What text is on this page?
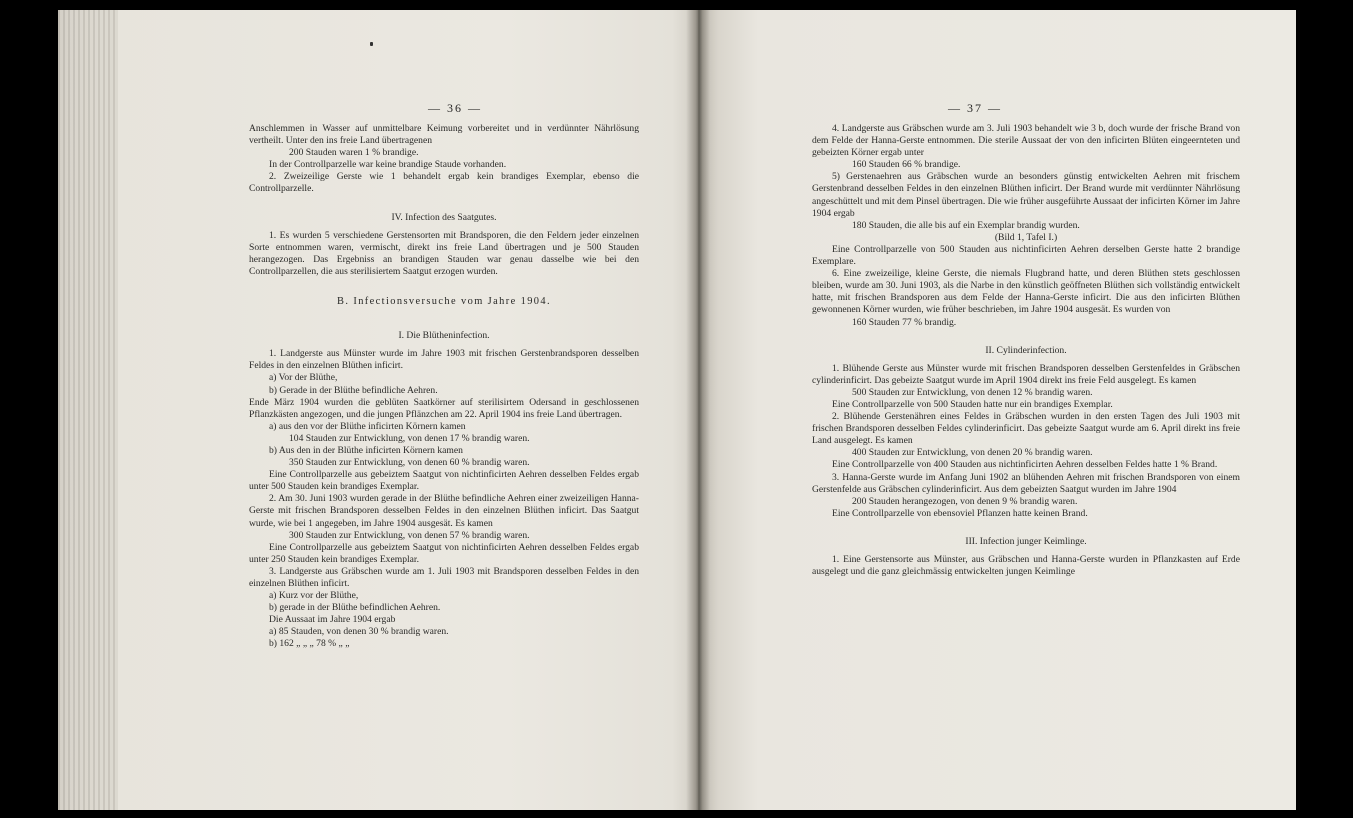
— 36 —

Anschlemmen in Wasser auf unmittelbare Keimung vorbereitet und in verdünnter Nährlösung vertheilt. Unter den ins freie Land übertragenen

200 Stauden waren 1 % brandige.

In der Controllparzelle war keine brandige Staude vorhanden.

2. Zweizeilige Gerste wie 1 behandelt ergab kein brandiges Exemplar, ebenso die Controllparzelle.

IV. Infection des Saatgutes.

1. Es wurden 5 verschiedene Gerstensorten mit Brandsporen, die den Feldern jeder einzelnen Sorte entnommen waren, vermischt, direkt ins freie Land übertragen und je 500 Stauden herangezogen. Das Ergebniss an brandigen Stauden war genau dasselbe wie bei den Controllparzellen, die aus sterilisiertem Saatgut erzogen wurden.

B. Infectionsversuche vom Jahre 1904.

I. Die Blütheninfection.

1. Landgerste aus Münster wurde im Jahre 1903 mit frischen Gerstenbrandsporen desselben Feldes in den einzelnen Blüthen inficirt.

a) Vor der Blüthe,

b) Gerade in der Blüthe befindliche Aehren.

Ende März 1904 wurden die geblüten Saatkörner auf sterilisirtem Odersand in geschlossenen Pflanzkästen angezogen, und die jungen Pflänzchen am 22. April 1904 ins freie Land übertragen.

a) aus den vor der Blüthe inficirten Körnern kamen

104 Stauden zur Entwicklung, von denen 17 % brandig waren.

b) Aus den in der Blüthe inficirten Körnern kamen

350 Stauden zur Entwicklung, von denen 60 % brandig waren.

Eine Controllparzelle aus gebeiztem Saatgut von nichtinficirten Aehren desselben Feldes ergab unter 500 Stauden kein brandiges Exemplar.

2. Am 30. Juni 1903 wurden gerade in der Blüthe befindliche Aehren einer zweizeiligen Hanna-Gerste mit frischen Brandsporen desselben Feldes in den einzelnen Blüthen inficirt. Das Saatgut wurde, wie bei 1 angegeben, im Jahre 1904 ausgesät. Es kamen

300 Stauden zur Entwicklung, von denen 57 % brandig waren.

Eine Controllparzelle aus gebeiztem Saatgut von nichtinficirten Aehren desselben Feldes ergab unter 250 Stauden kein brandiges Exemplar.

3. Landgerste aus Gräbschen wurde am 1. Juli 1903 mit Brandsporen desselben Feldes in den einzelnen Blüthen inficirt.

a) Kurz vor der Blüthe,

b) gerade in der Blüthe befindlichen Aehren.

Die Aussaat im Jahre 1904 ergab

a) 85 Stauden, von denen 30 % brandig waren.

b) 162 „ „ „ 78 % „ „

— 37 —

4. Landgerste aus Gräbschen wurde am 3. Juli 1903 behandelt wie 3 b, doch wurde der frische Brand von dem Felde der Hanna-Gerste entnommen. Die sterile Aussaat der von den inficirten Blüten eingeernteten und gebeizten Körner ergab unter

160 Stauden 66 % brandige.

5) Gerstenaehren aus Gräbschen wurde an besonders günstig entwickelten Aehren mit frischem Gerstenbrand desselben Feldes in den einzelnen Blüthen inficirt. Der Brand wurde mit verdünnter Nährlösung angeschüttelt und mit dem Pinsel übertragen. Die wie früher ausgeführte Aussaat der inficirten Körner im Jahre 1904 ergab

180 Stauden, die alle bis auf ein Exemplar brandig wurden.

(Bild 1, Tafel I.)

Eine Controllparzelle von 500 Stauden aus nichtinficirten Aehren derselben Gerste hatte 2 brandige Exemplare.

6. Eine zweizeilige, kleine Gerste, die niemals Flugbrand hatte, und deren Blüthen stets geschlossen bleiben, wurde am 30. Juni 1903, als die Narbe in den künstlich geöffneten Blüthen sich vollständig entwickelt hatte, mit frischen Brandsporen aus dem Felde der Hanna-Gerste inficirt. Die aus den inficirten Blüthen gewonnenen Körner wurden, wie früher beschrieben, im Jahre 1904 ausgesät. Es wurden von

160 Stauden 77 % brandig.

II. Cylinderinfection.

1. Blühende Gerste aus Münster wurde mit frischen Brandsporen desselben Gerstenfeldes in Gräbschen cylinderinficirt. Das gebeizte Saatgut wurde im April 1904 direkt ins freie Feld ausgelegt. Es kamen

500 Stauden zur Entwicklung, von denen 12 % brandig waren.

Eine Controllparzelle von 500 Stauden hatte nur ein brandiges Exemplar.

2. Blühende Gerstenähren eines Feldes in Gräbschen wurden in den ersten Tagen des Juli 1903 mit frischen Brandsporen desselben Feldes cylinderinficirt. Das gebeizte Saatgut wurde am 6. April direkt ins freie Land ausgelegt. Es kamen

400 Stauden zur Entwicklung, von denen 20 % brandig waren.

Eine Controllparzelle von 400 Stauden aus nichtinficirten Aehren desselben Feldes hatte 1 % Brand.

3. Hanna-Gerste wurde im Anfang Juni 1902 an blühenden Aehren mit frischen Brandsporen von einem Gerstenfelde aus Gräbschen cylinderinficirt. Aus dem gebeizten Saatgut wurden im Jahre 1904

200 Stauden herangezogen, von denen 9 % brandig waren.

Eine Controllparzelle von ebensoviel Pflanzen hatte keinen Brand.

III. Infection junger Keimlinge.

1. Eine Gerstensorte aus Münster, aus Gräbschen und Hanna-Gerste wurden in Pflanzkasten auf Erde ausgelegt und die ganz gleichmässig entwickelten jungen Keimlinge
